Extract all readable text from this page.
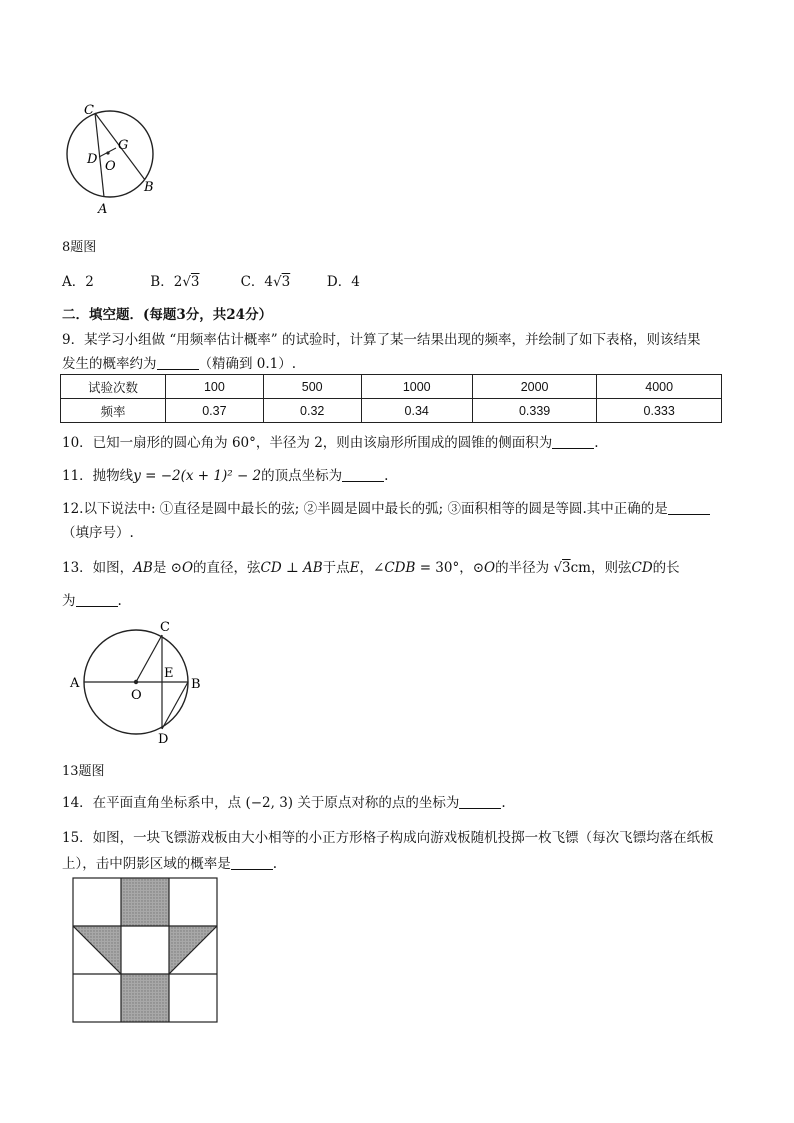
C
G
D O
B
A
8题图
A．2	B．2√3	C．4√3	D．4
二．填空题．(每题3分，共24分）
9．某学习小组做 “用频率估计概率” 的试验时，计算了某一结果出现的频率，并绘制了如下表格，则该结果
发生的概率约为	（精确到 0.1）.
试验次数	100	500	1000	2000	4000
频率	0.37	0.32	0.34	0.339	0.333
10．已知一扇形的圆心角为 60°，半径为 2，则由该扇形所围成的圆锥的侧面积为	.
11．抛物线y = −2(x + 1)² − 2的顶点坐标为	.
12.以下说法中: ①直径是圆中最长的弦; ②半圆是圆中最长的弧; ③面积相等的圆是等圆.其中正确的是
（填序号）.
13．如图，AB是 ⊙O的直径，弦CD ⊥ AB于点E，∠CDB = 30°，⊙O的半径为 √3cm，则弦CD的长
为	.
A	B
C
D
E
O
13题图
14．在平面直角坐标系中，点 (−2, 3) 关于原点对称的点的坐标为	.
15．如图，一块飞镖游戏板由大小相等的小正方形格子构成向游戏板随机投掷一枚飞镖（每次飞镖均落在纸板
上），击中阴影区域的概率是	.
